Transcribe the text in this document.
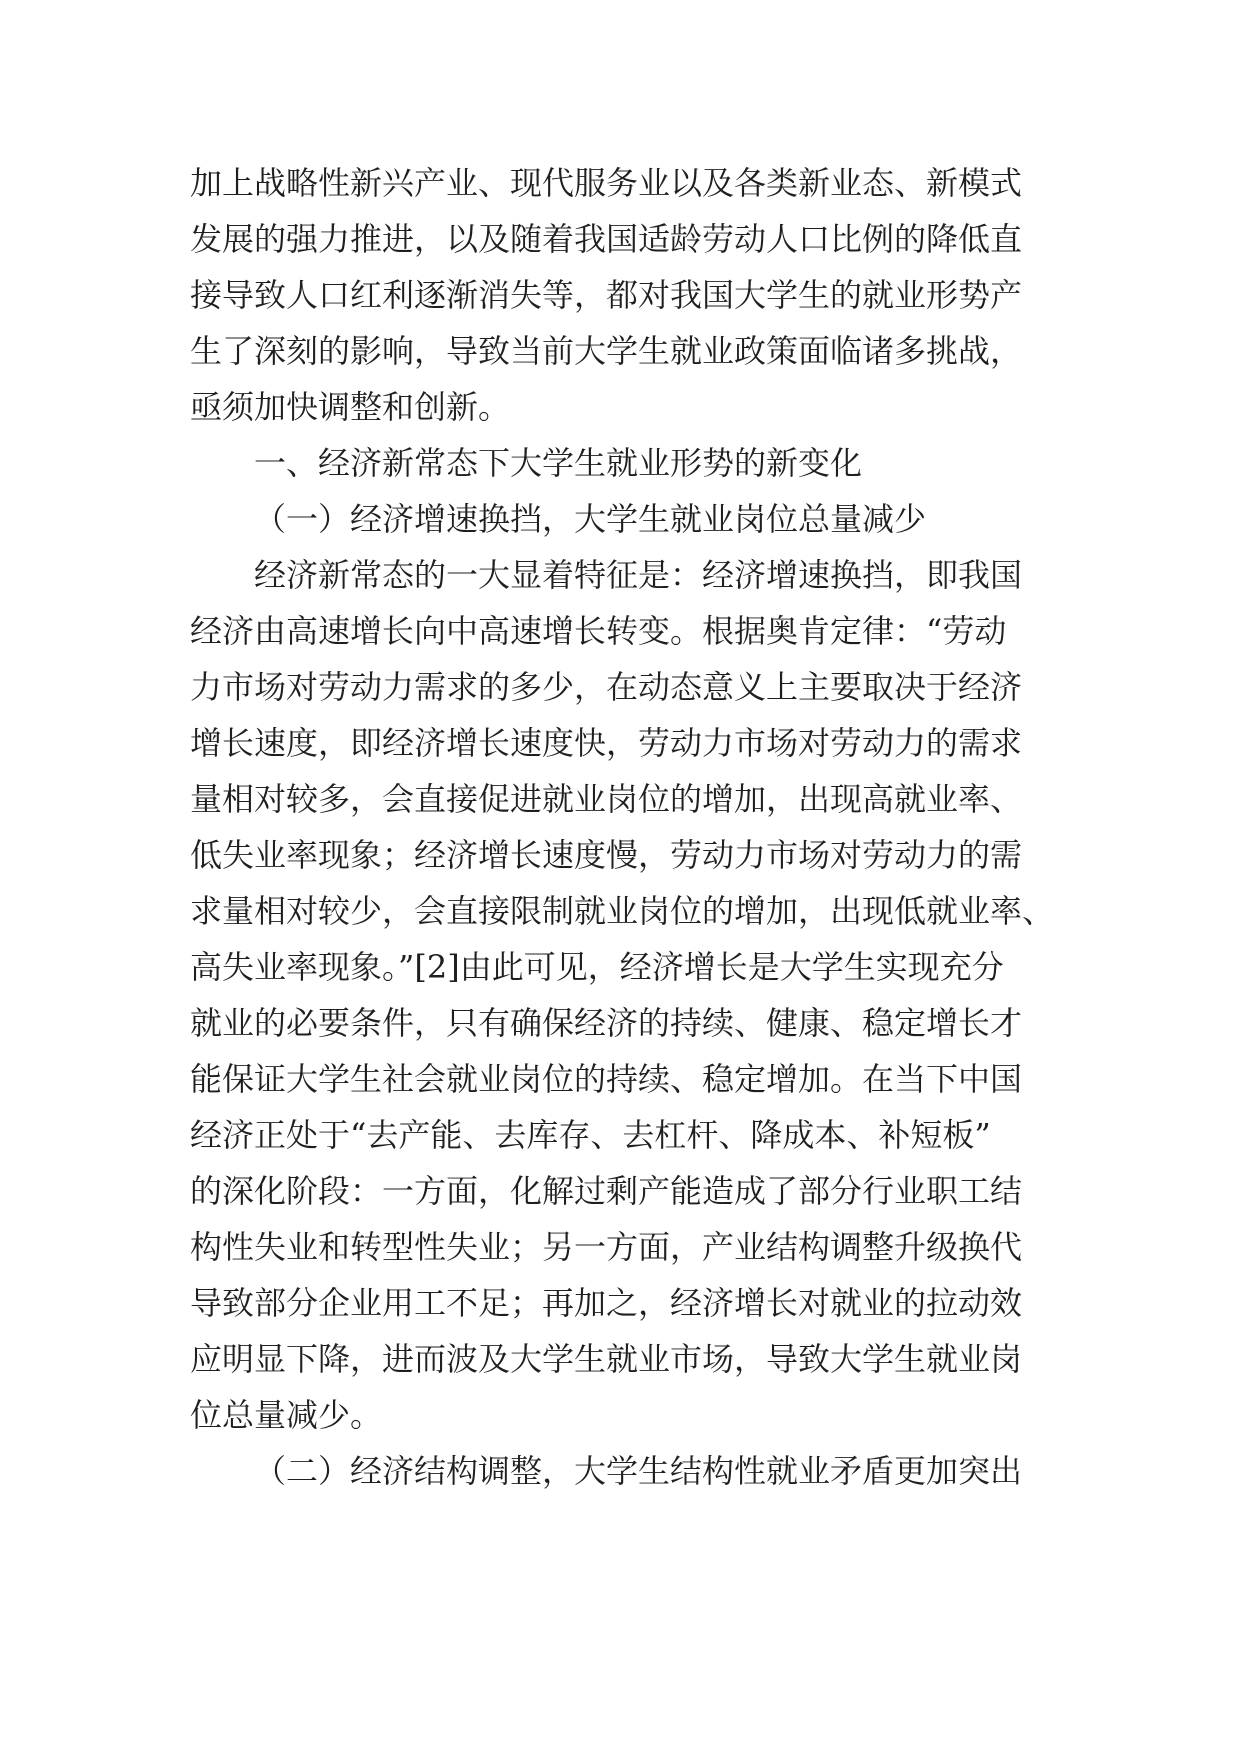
加上战略性新兴产业、现代服务业以及各类新业态、新模式
发展的强力推进，以及随着我国适龄劳动人口比例的降低直
接导致人口红利逐渐消失等，都对我国大学生的就业形势产
生了深刻的影响，导致当前大学生就业政策面临诸多挑战，
亟须加快调整和创新。
一、经济新常态下大学生就业形势的新变化
（一）经济增速换挡，大学生就业岗位总量减少
经济新常态的一大显着特征是：经济增速换挡，即我国
经济由高速增长向中高速增长转变。根据奥肯定律：“劳动
力市场对劳动力需求的多少，在动态意义上主要取决于经济
增长速度，即经济增长速度快，劳动力市场对劳动力的需求
量相对较多，会直接促进就业岗位的增加，出现高就业率、
低失业率现象；经济增长速度慢，劳动力市场对劳动力的需
求量相对较少，会直接限制就业岗位的增加，出现低就业率、
高失业率现象。”[2]由此可见，经济增长是大学生实现充分
就业的必要条件，只有确保经济的持续、健康、稳定增长才
能保证大学生社会就业岗位的持续、稳定增加。在当下中国
经济正处于“去产能、去库存、去杠杆、降成本、补短板”
的深化阶段：一方面，化解过剩产能造成了部分行业职工结
构性失业和转型性失业；另一方面，产业结构调整升级换代
导致部分企业用工不足；再加之，经济增长对就业的拉动效
应明显下降，进而波及大学生就业市场，导致大学生就业岗
位总量减少。
（二）经济结构调整，大学生结构性就业矛盾更加突出
